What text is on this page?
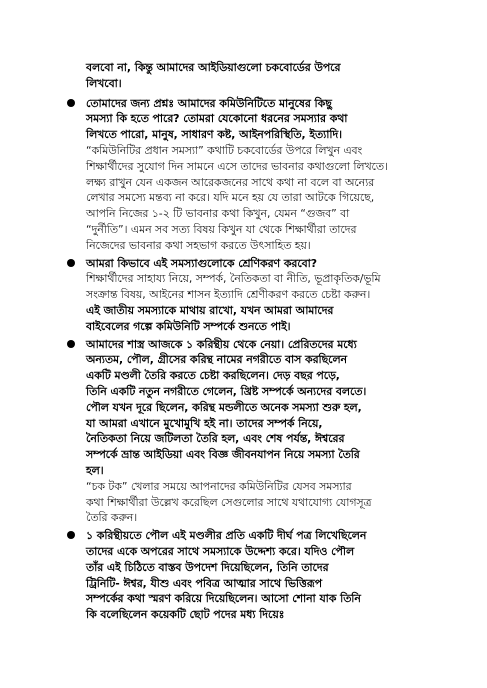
বলবো না, কিন্তু আমাদের আইডিয়াগুলো চকবোর্ডের উপরে
লিখবো।

তোমাদের জন্য প্রশ্নঃ আমাদের কমিউনিটিতে মানুষের কিছু
সমস্যা কি হতে পারে? তোমরা যেকোনো ধরনের সমস্যার কথা
লিখতে পারো, মানুষ, সাধারণ কষ্ট, আইনপরিস্থিতি, ইত্যাদি।

“কমিউনিটির প্রধান সমস্যা” কথাটি চকবোর্ডের উপরে লিখুন এবং
শিক্ষার্থীদের সুযোগ দিন সামনে এসে তাদের ভাবনার কথাগুলো লিখতে।
লক্ষ্য রাখুন যেন একজন আরেকজনের সাথে কথা না বলে বা অন্যের
লেখার সমস্যে মন্তব্য না করে। যদি মনে হয় যে তারা আটকে গিয়েছে,
আপনি নিজের ১-২ টি ভাবনার কথা কিখুন, যেমন “গুজব” বা
“দুর্নীতি”। এমন সব সত্য বিষয় কিখুন যা থেকে শিক্ষার্থীরা তাদের
নিজেদের ভাবনার কথা সহভাগ করতে উৎসাহিত হয়।

আমরা কিভাবে এই সমস্যাগুলোকে শ্রেণিকরণ করবো?

শিক্ষার্থীদের সাহায্য নিয়ে, সম্পর্ক, নৈতিকতা বা নীতি, ভূপ্রাকৃতিক/ভূমি
সংক্রান্ত বিষয়, আইনের শাসন ইত্যাদি শ্রেণীকরণ করতে চেষ্টা করুন।

এই জাতীয় সমস্যাকে মাথায় রাখো, যখন আমরা আমাদের
বাইবেলের গল্পে কমিউনিটি সম্পর্কে শুনতে পাই।

আমাদের শাস্ত্র আজকে ১ করিন্থীয় থেকে নেয়া। প্রেরিতদের মধ্যে
অন্যতম, পৌল, গ্রীসের করিন্থ নামের নগরীতে বাস করছিলেন
একটি মণ্ডলী তৈরি করতে চেষ্টা করছিলেন। দেড় বছর পড়ে,
তিনি একটি নতুন নগরীতে গেলেন, খ্রিষ্ট সম্পর্কে অন্যদের বলতে।
পৌল যখন দূরে ছিলেন, করিন্থ মন্ডলীতে অনেক সমস্যা শুরু হল,
যা আমরা এখানে মুখোমুখি হই না। তাদের সম্পর্ক নিয়ে,
নৈতিকতা নিয়ে জটিলতা তৈরি হল, এবং শেষ পর্যন্ত, ঈশ্বরের
সম্পর্কে ভ্রান্ত আইডিয়া এবং বিজ্ঞ জীবনযাপন নিয়ে সমস্যা তৈরি
হল।

“চক টক” খেলার সময়ে আপনাদের কমিউনিটির যেসব সমস্যার
কথা শিক্ষার্থীরা উল্লেখ করেছিল সেগুলোর সাথে যথাযোগ্য যোগসূত্র
তৈরি করুন।

১ করিন্থীয়তে পৌল এই মণ্ডলীর প্রতি একটি দীর্ঘ পত্র লিখেছিলেন
তাদের একে অপরের সাথে সমস্যাকে উদ্দেশ্য করে। যদিও পৌল
তাঁর এই চিঠিতে বাস্তব উপদেশ দিয়েছিলেন, তিনি তাদের
ট্রিনিটি- ঈশ্বর, যীশু এবং পবিত্র আত্মার সাথে ভিত্তিরূপ
সম্পর্কের কথা স্মরণ করিয়ে দিয়েছিলেন। আসো শোনা যাক তিনি
কি বলেছিলেন কয়েকটি ছোট পদের মধ্য দিয়েঃ
